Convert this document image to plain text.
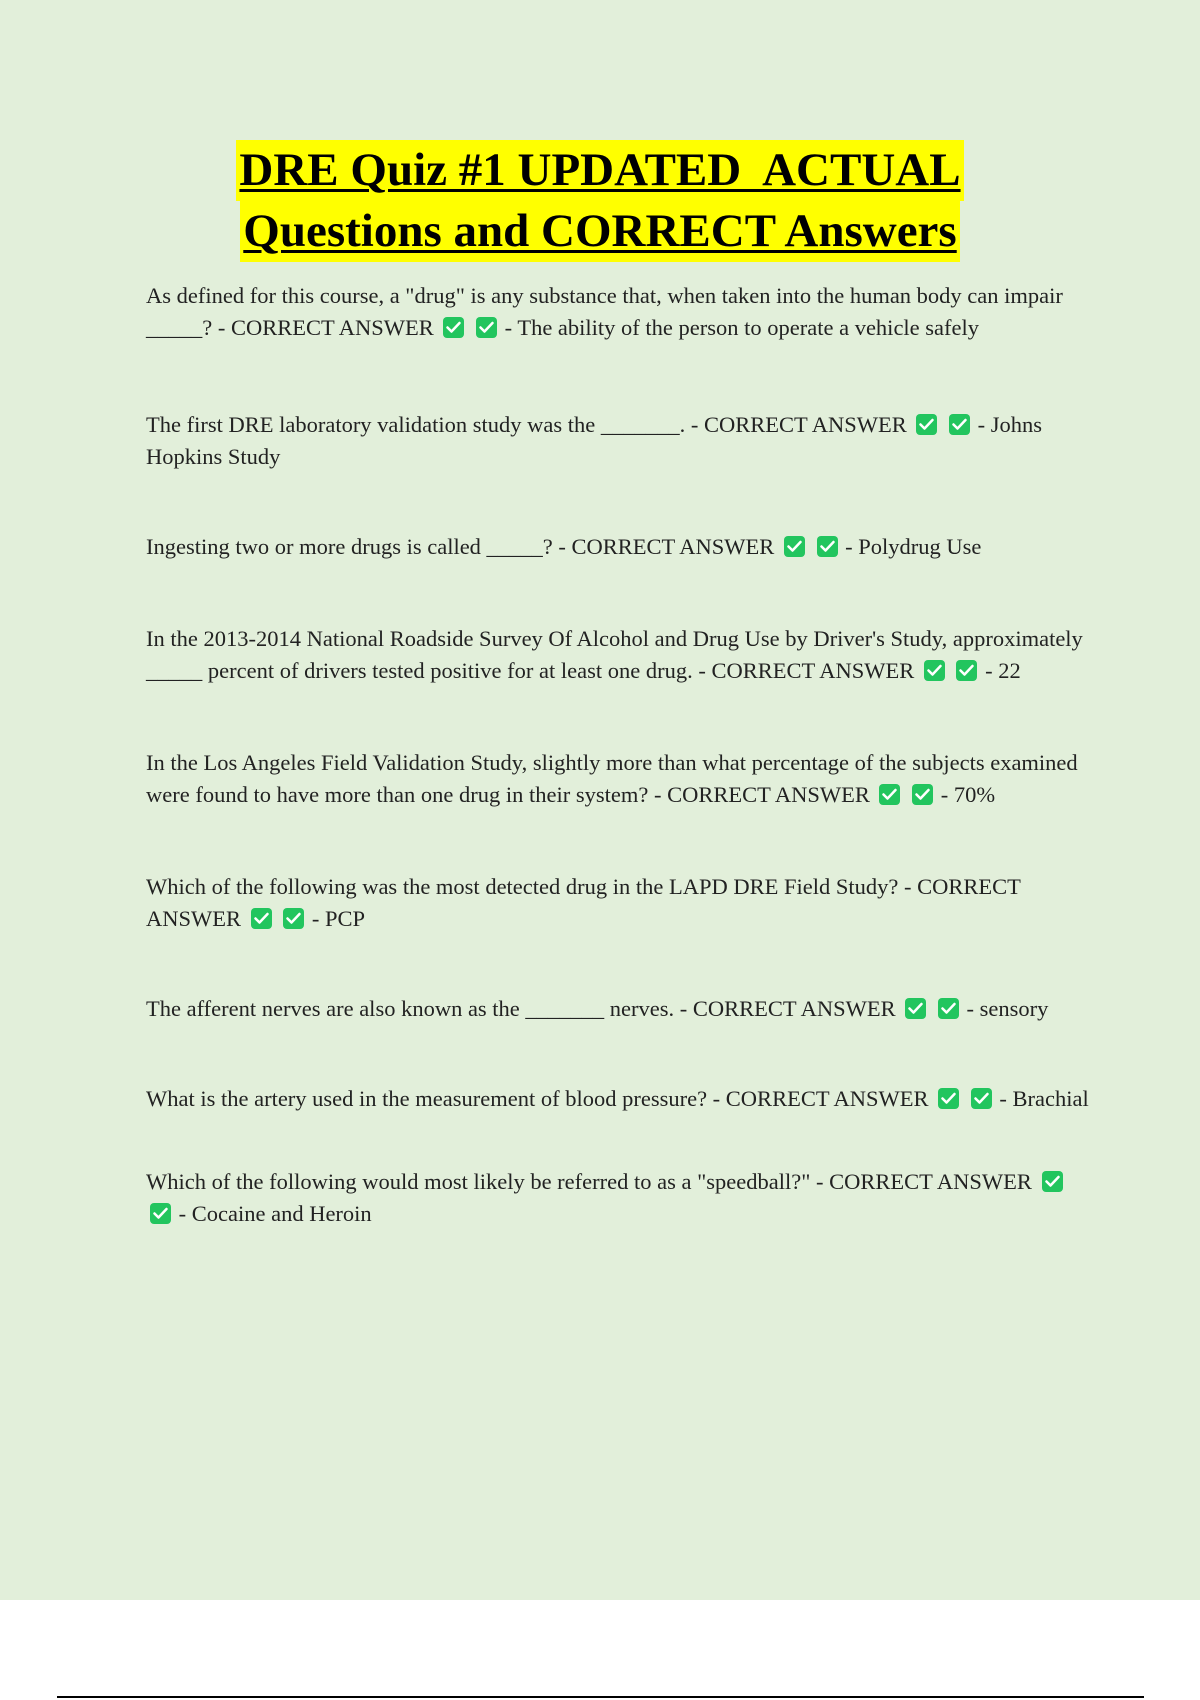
DRE Quiz #1 UPDATED  ACTUAL
Questions and CORRECT Answers

As defined for this course, a "drug" is any substance that, when taken into the human body can impair _____? - CORRECT ANSWER
	- The ability of the person to operate a vehicle safely

The first DRE laboratory validation study was the _______. - CORRECT ANSWER
	- Johns Hopkins Study

Ingesting two or more drugs is called _____? - CORRECT ANSWER
	- Polydrug Use

In the 2013-2014 National Roadside Survey Of Alcohol and Drug Use by Driver's Study, approximately _____ percent of drivers tested positive for at least one drug. - CORRECT ANSWER
	- 22

In the Los Angeles Field Validation Study, slightly more than what percentage of the subjects examined were found to have more than one drug in their system? - CORRECT ANSWER
	- 70%

Which of the following was the most detected drug in the LAPD DRE Field Study? - CORRECT ANSWER
	- PCP

The afferent nerves are also known as the _______ nerves. - CORRECT ANSWER
	- sensory

What is the artery used in the measurement of blood pressure? - CORRECT ANSWER
	- Brachial

Which of the following would most likely be referred to as a "speedball?" - CORRECT ANSWER

- Cocaine and Heroin
